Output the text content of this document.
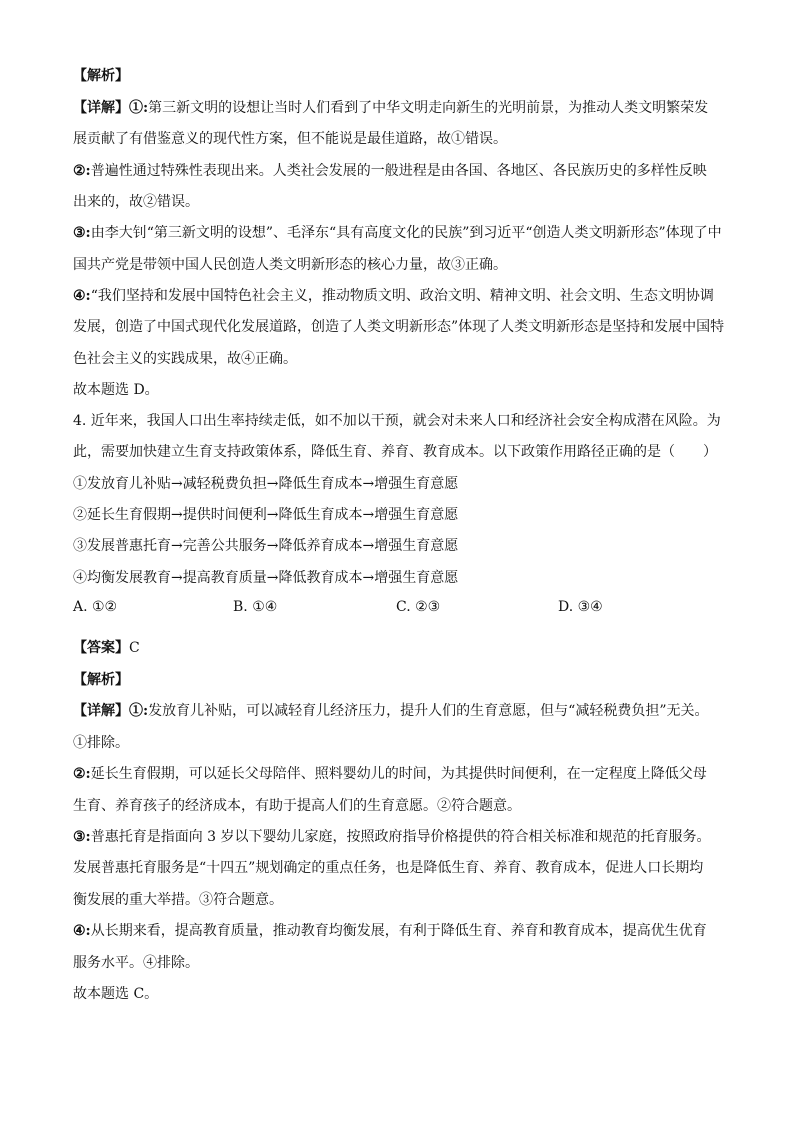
【解析】
【详解】①:第三新文明的设想让当时人们看到了中华文明走向新生的光明前景，为推动人类文明繁荣发
展贡献了有借鉴意义的现代性方案，但不能说是最佳道路，故①错误。
②:普遍性通过特殊性表现出来。人类社会发展的一般进程是由各国、各地区、各民族历史的多样性反映
出来的，故②错误。
③:由李大钊“第三新文明的设想”、毛泽东“具有高度文化的民族”到习近平“创造人类文明新形态”体现了中
国共产党是带领中国人民创造人类文明新形态的核心力量，故③正确。
④:“我们坚持和发展中国特色社会主义，推动物质文明、政治文明、精神文明、社会文明、生态文明协调
发展，创造了中国式现代化发展道路，创造了人类文明新形态”体现了人类文明新形态是坚持和发展中国特
色社会主义的实践成果，故④正确。
故本题选 D。
4. 近年来，我国人口出生率持续走低，如不加以干预，就会对未来人口和经济社会安全构成潜在风险。为
此，需要加快建立生育支持政策体系，降低生育、养育、教育成本。以下政策作用路径正确的是（　　）
①发放育儿补贴→减轻税费负担→降低生育成本→增强生育意愿
②延长生育假期→提供时间便利→降低生育成本→增强生育意愿
③发展普惠托育→完善公共服务→降低养育成本→增强生育意愿
④均衡发展教育→提高教育质量→降低教育成本→增强生育意愿
A. ①②	B. ①④	C. ②③	D. ③④
【答案】C
【解析】
【详解】①:发放育儿补贴，可以减轻育儿经济压力，提升人们的生育意愿，但与“减轻税费负担”无关。
①排除。
②:延长生育假期，可以延长父母陪伴、照料婴幼儿的时间，为其提供时间便利，在一定程度上降低父母
生育、养育孩子的经济成本，有助于提高人们的生育意愿。②符合题意。
③:普惠托育是指面向 3 岁以下婴幼儿家庭，按照政府指导价格提供的符合相关标准和规范的托育服务。
发展普惠托育服务是“十四五”规划确定的重点任务，也是降低生育、养育、教育成本，促进人口长期均
衡发展的重大举措。③符合题意。
④:从长期来看，提高教育质量，推动教育均衡发展，有利于降低生育、养育和教育成本，提高优生优育
服务水平。④排除。
故本题选 C。
